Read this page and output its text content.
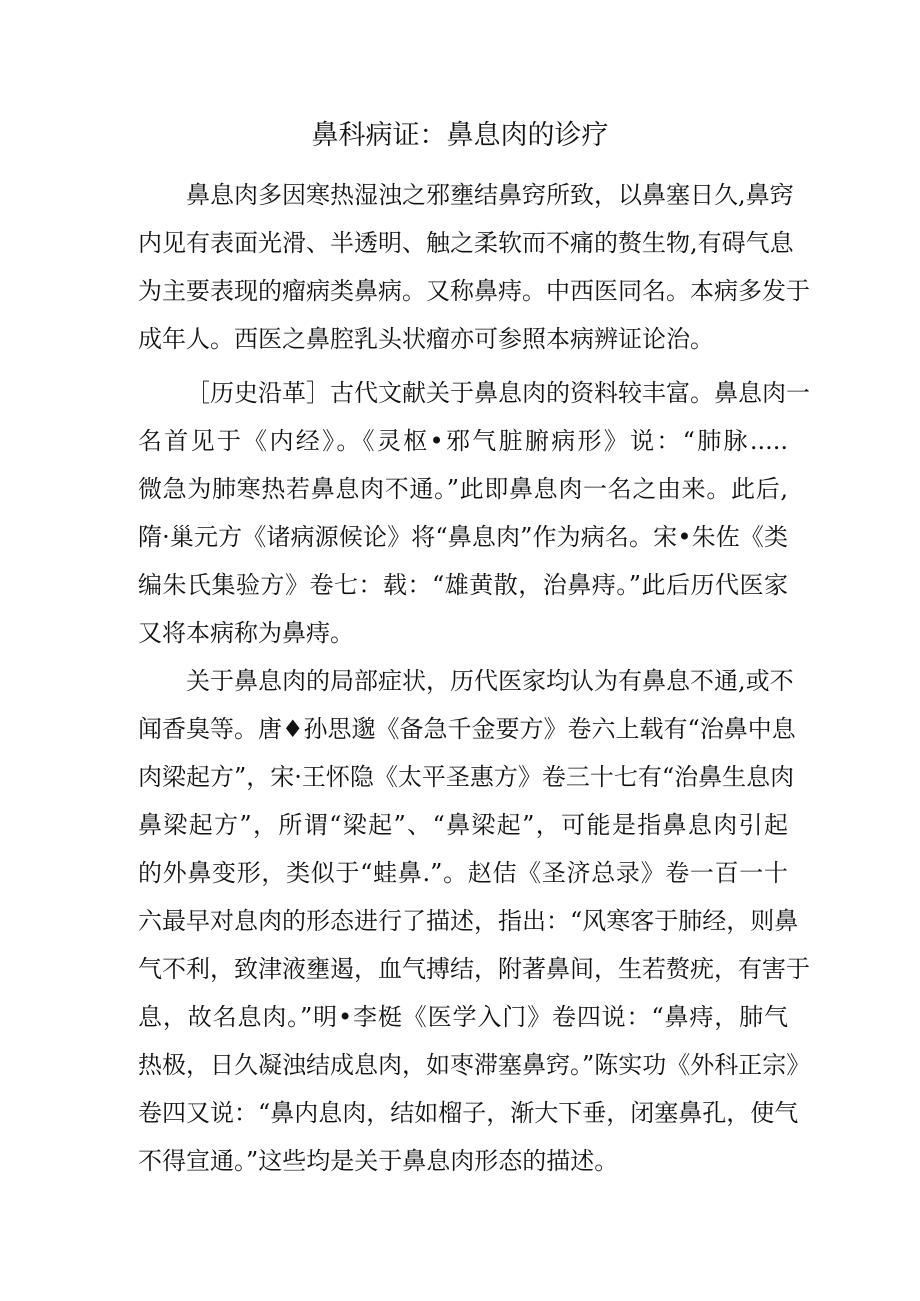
鼻科病证：鼻息肉的诊疗
鼻息肉多因寒热湿浊之邪壅结鼻窍所致，以鼻塞日久,鼻窍
内见有表面光滑、半透明、触之柔软而不痛的赘生物,有碍气息
为主要表现的瘤病类鼻病。又称鼻痔。中西医同名。本病多发于
成年人。西医之鼻腔乳头状瘤亦可参照本病辨证论治。
［历史沿革］古代文献关于鼻息肉的资料较丰富。鼻息肉一
名首见于《内经》。《灵枢•邪气脏腑病形》说：“肺脉.....
微急为肺寒热若鼻息肉不通。”此即鼻息肉一名之由来。此后,
隋·巢元方《诸病源候论》将“鼻息肉”作为病名。宋•朱佐《类
编朱氏集验方》卷七：载：“雄黄散，治鼻痔。”此后历代医家
又将本病称为鼻痔。
关于鼻息肉的局部症状，历代医家均认为有鼻息不通,或不
闻香臭等。唐♦孙思邈《备急千金要方》卷六上载有“治鼻中息
肉梁起方”，宋·王怀隐《太平圣惠方》卷三十七有“治鼻生息肉
鼻梁起方”，所谓“梁起”、“鼻梁起”，可能是指鼻息肉引起
的外鼻变形，类似于“蛙鼻.”。赵佶《圣济总录》卷一百一十
六最早对息肉的形态进行了描述，指出：“风寒客于肺经，则鼻
气不利，致津液壅遏，血气搏结，附著鼻间，生若赘疣，有害于
息，故名息肉。”明•李梃《医学入门》卷四说：“鼻痔，肺气
热极，日久凝浊结成息肉，如枣滞塞鼻窍。”陈实功《外科正宗》
卷四又说：“鼻内息肉，结如榴子，渐大下垂，闭塞鼻孔，使气
不得宣通。”这些均是关于鼻息肉形态的描述。
